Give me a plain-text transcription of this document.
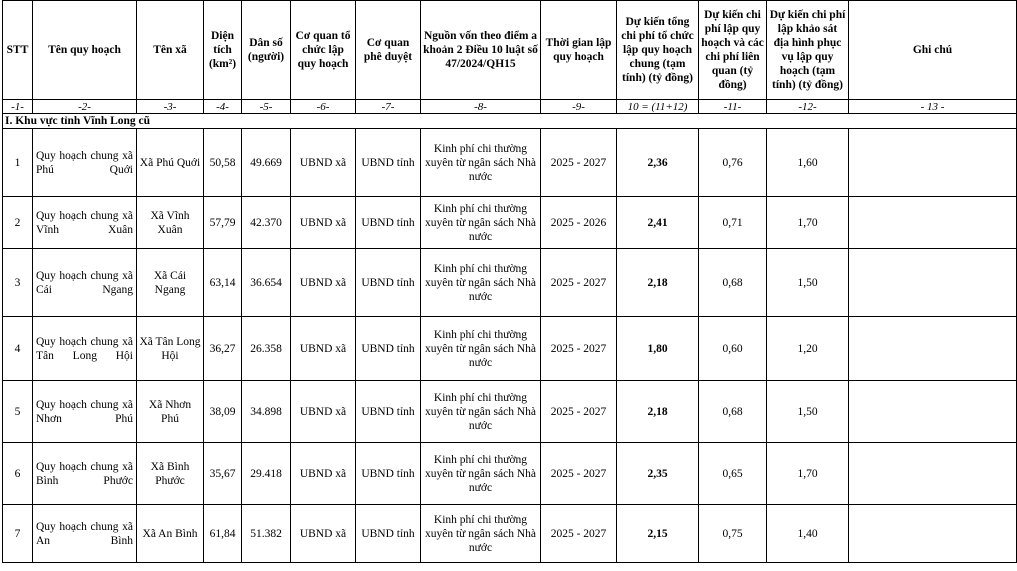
STT	Tên quy hoạch	Tên xã	Diện tích (km²)	Dân số (người)	Cơ quan tổ chức lập quy hoạch	Cơ quan phê duyệt	Nguồn vốn theo điểm a khoản 2 Điều 10 luật số 47/2024/QH15	Thời gian lập quy hoạch	Dự kiến tổng chi phí tổ chức lập quy hoạch chung (tạm tính) (tỷ đồng)	Dự kiến chi phí lập quy hoạch và các chi phí liên quan (tỷ đồng)	Dự kiến chi phí lập khảo sát địa hình phục vụ lập quy hoạch (tạm tính) (tỷ đồng)	Ghi chú
-1-	-2-	-3-	-4-	-5-	-6-	-7-	-8-	-9-	10 = (11+12)	-11-	-12-	- 13 -
I. Khu vực tỉnh Vĩnh Long cũ												
1	Quy hoạch chung xã Phú Quới	Xã Phú Quới	50,58	49.669	UBND xã	UBND tỉnh	Kinh phí chi thường xuyên từ ngân sách Nhà nước	2025 - 2027	2,36	0,76	1,60	
2	Quy hoạch chung xã Vĩnh Xuân	Xã Vĩnh Xuân	57,79	42.370	UBND xã	UBND tỉnh	Kinh phí chi thường xuyên từ ngân sách Nhà nước	2025 - 2026	2,41	0,71	1,70	
3	Quy hoạch chung xã Cái Ngang	Xã Cái Ngang	63,14	36.654	UBND xã	UBND tỉnh	Kinh phí chi thường xuyên từ ngân sách Nhà nước	2025 - 2027	2,18	0,68	1,50	
4	Quy hoạch chung xã Tân Long Hội	Xã Tân Long Hội	36,27	26.358	UBND xã	UBND tỉnh	Kinh phí chi thường xuyên từ ngân sách Nhà nước	2025 - 2027	1,80	0,60	1,20	
5	Quy hoạch chung xã Nhơn Phú	Xã Nhơn Phú	38,09	34.898	UBND xã	UBND tỉnh	Kinh phí chi thường xuyên từ ngân sách Nhà nước	2025 - 2027	2,18	0,68	1,50	
6	Quy hoạch chung xã Bình Phước	Xã Bình Phước	35,67	29.418	UBND xã	UBND tỉnh	Kinh phí chi thường xuyên từ ngân sách Nhà nước	2025 - 2027	2,35	0,65	1,70	
7	Quy hoạch chung xã An Bình	Xã An Bình	61,84	51.382	UBND xã	UBND tỉnh	Kinh phí chi thường xuyên từ ngân sách Nhà nước	2025 - 2027	2,15	0,75	1,40	
